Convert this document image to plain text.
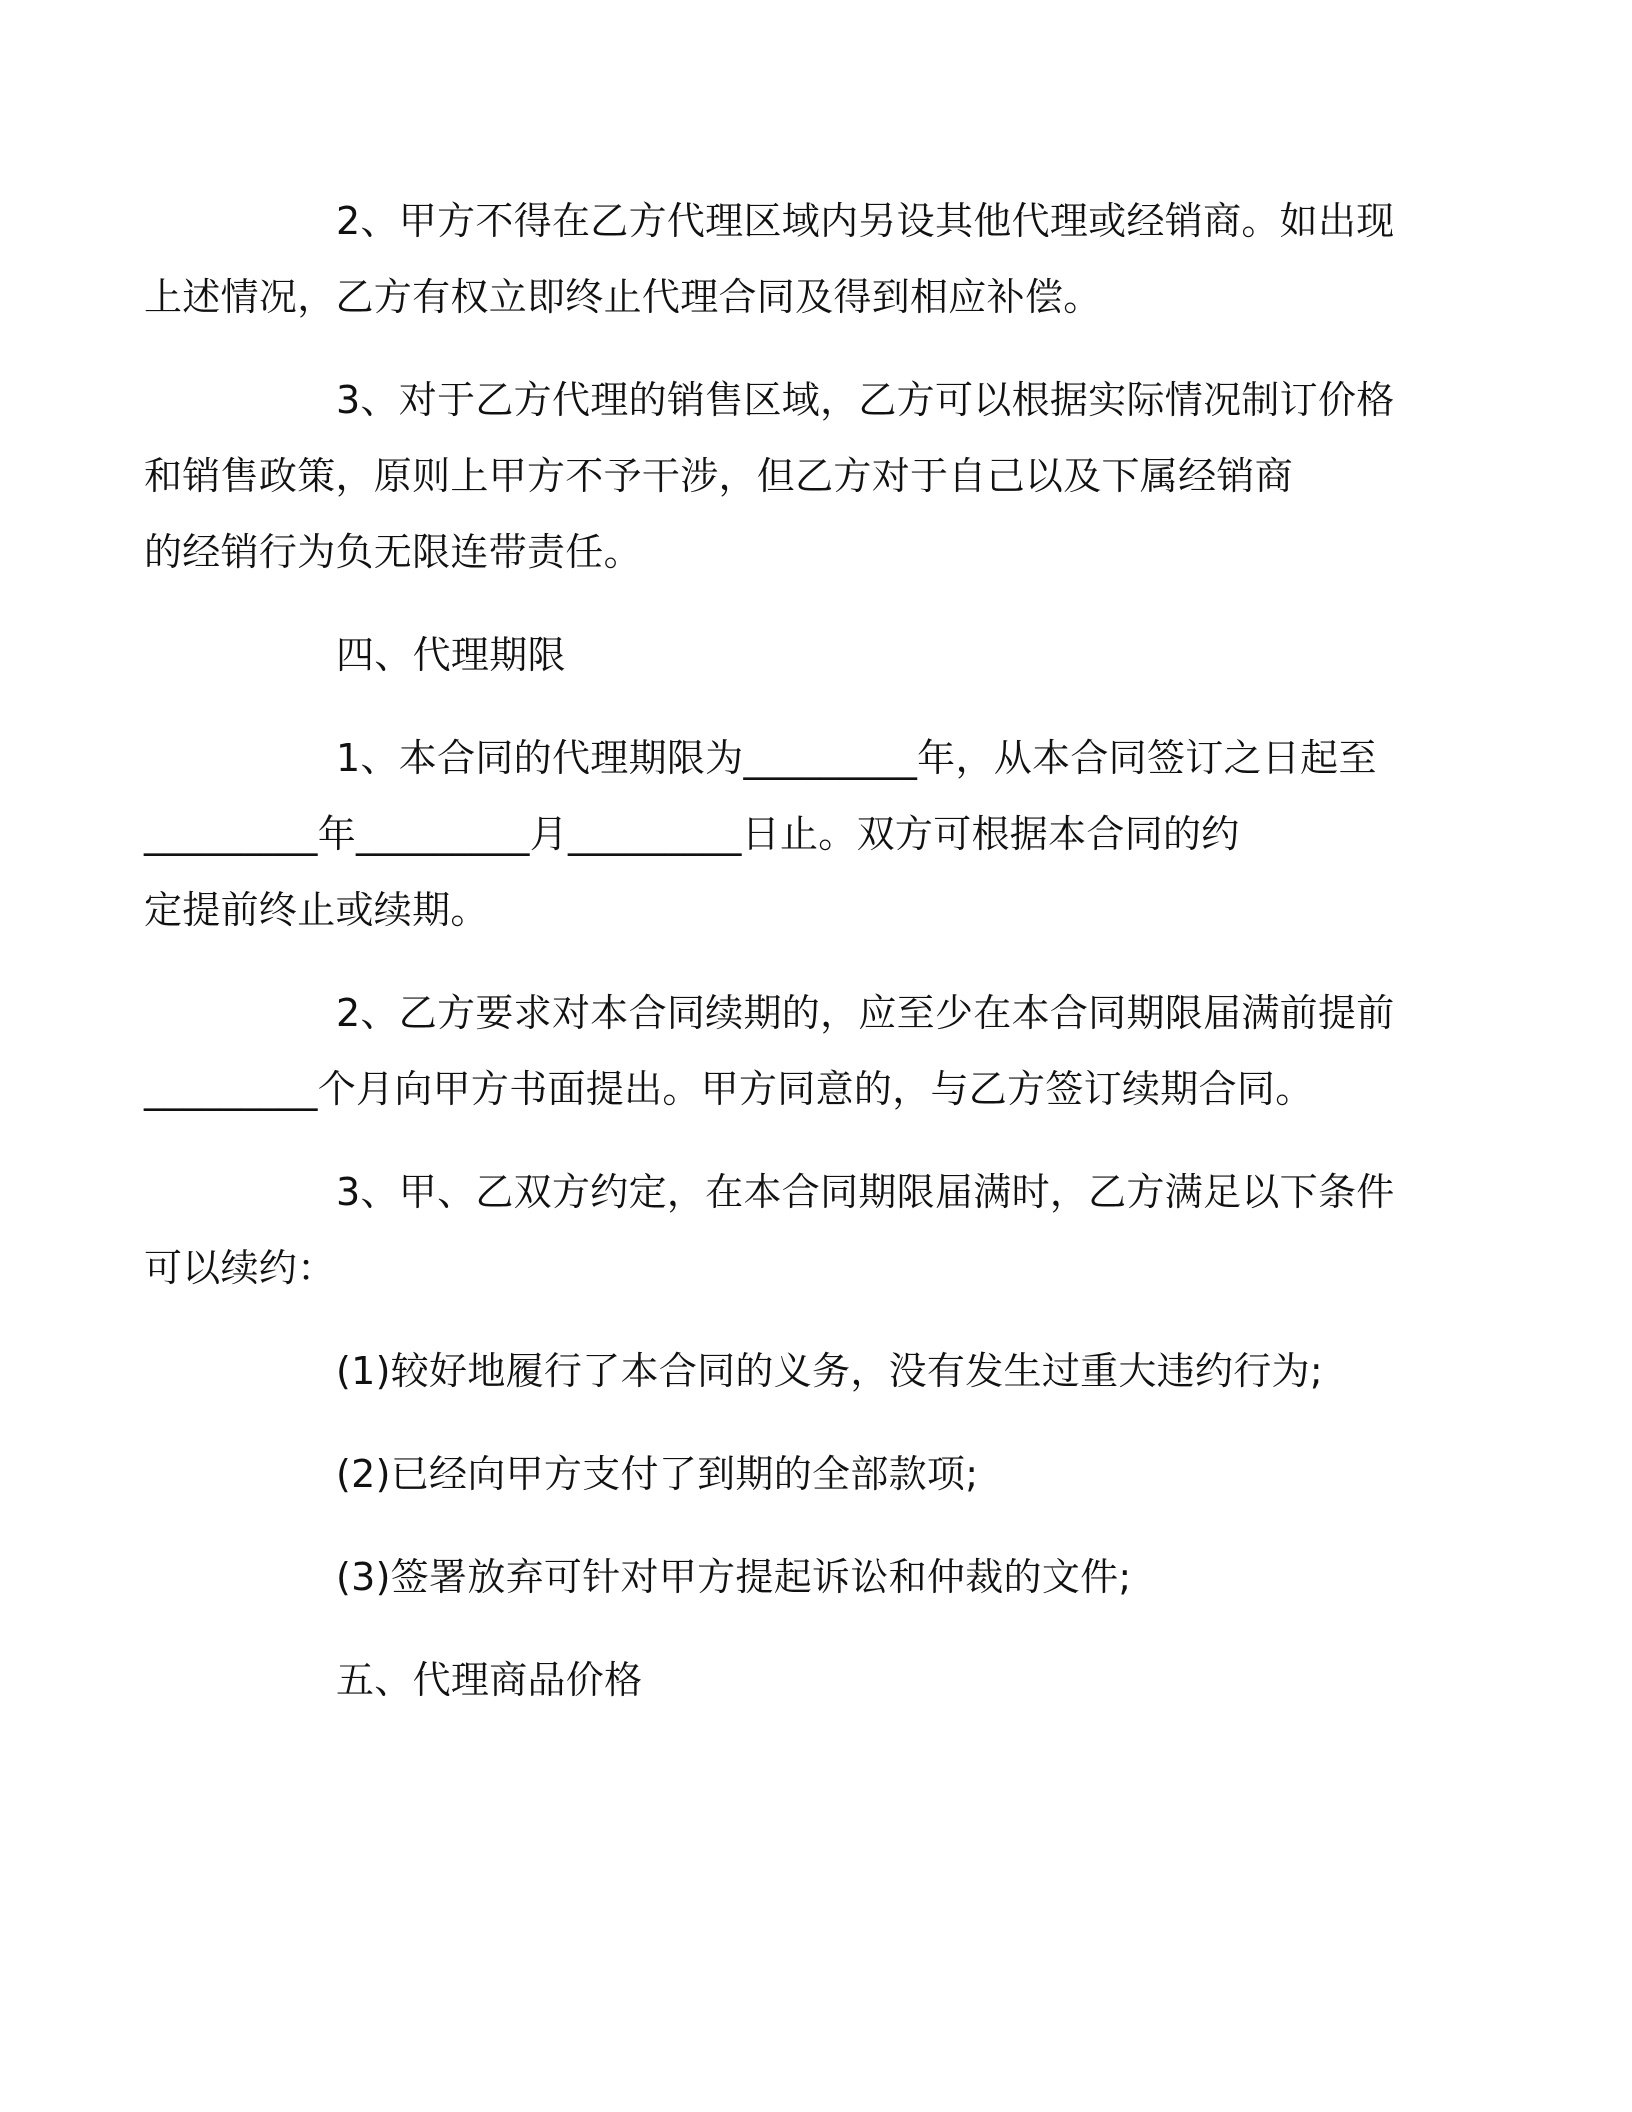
2、甲方不得在乙方代理区域内另设其他代理或经销商。如出现
上述情况，乙方有权立即终止代理合同及得到相应补偿。
3、对于乙方代理的销售区域，乙方可以根据实际情况制订价格
和销售政策，原则上甲方不予干涉，但乙方对于自己以及下属经销商
的经销行为负无限连带责任。
四、代理期限
1、本合同的代理期限为_________年，从本合同签订之日起至
_________年_________月_________日止。双方可根据本合同的约
定提前终止或续期。
2、乙方要求对本合同续期的，应至少在本合同期限届满前提前
_________个月向甲方书面提出。甲方同意的，与乙方签订续期合同。
3、甲、乙双方约定，在本合同期限届满时，乙方满足以下条件
可以续约：
(1)较好地履行了本合同的义务，没有发生过重大违约行为;
(2)已经向甲方支付了到期的全部款项;
(3)签署放弃可针对甲方提起诉讼和仲裁的文件;
五、代理商品价格
